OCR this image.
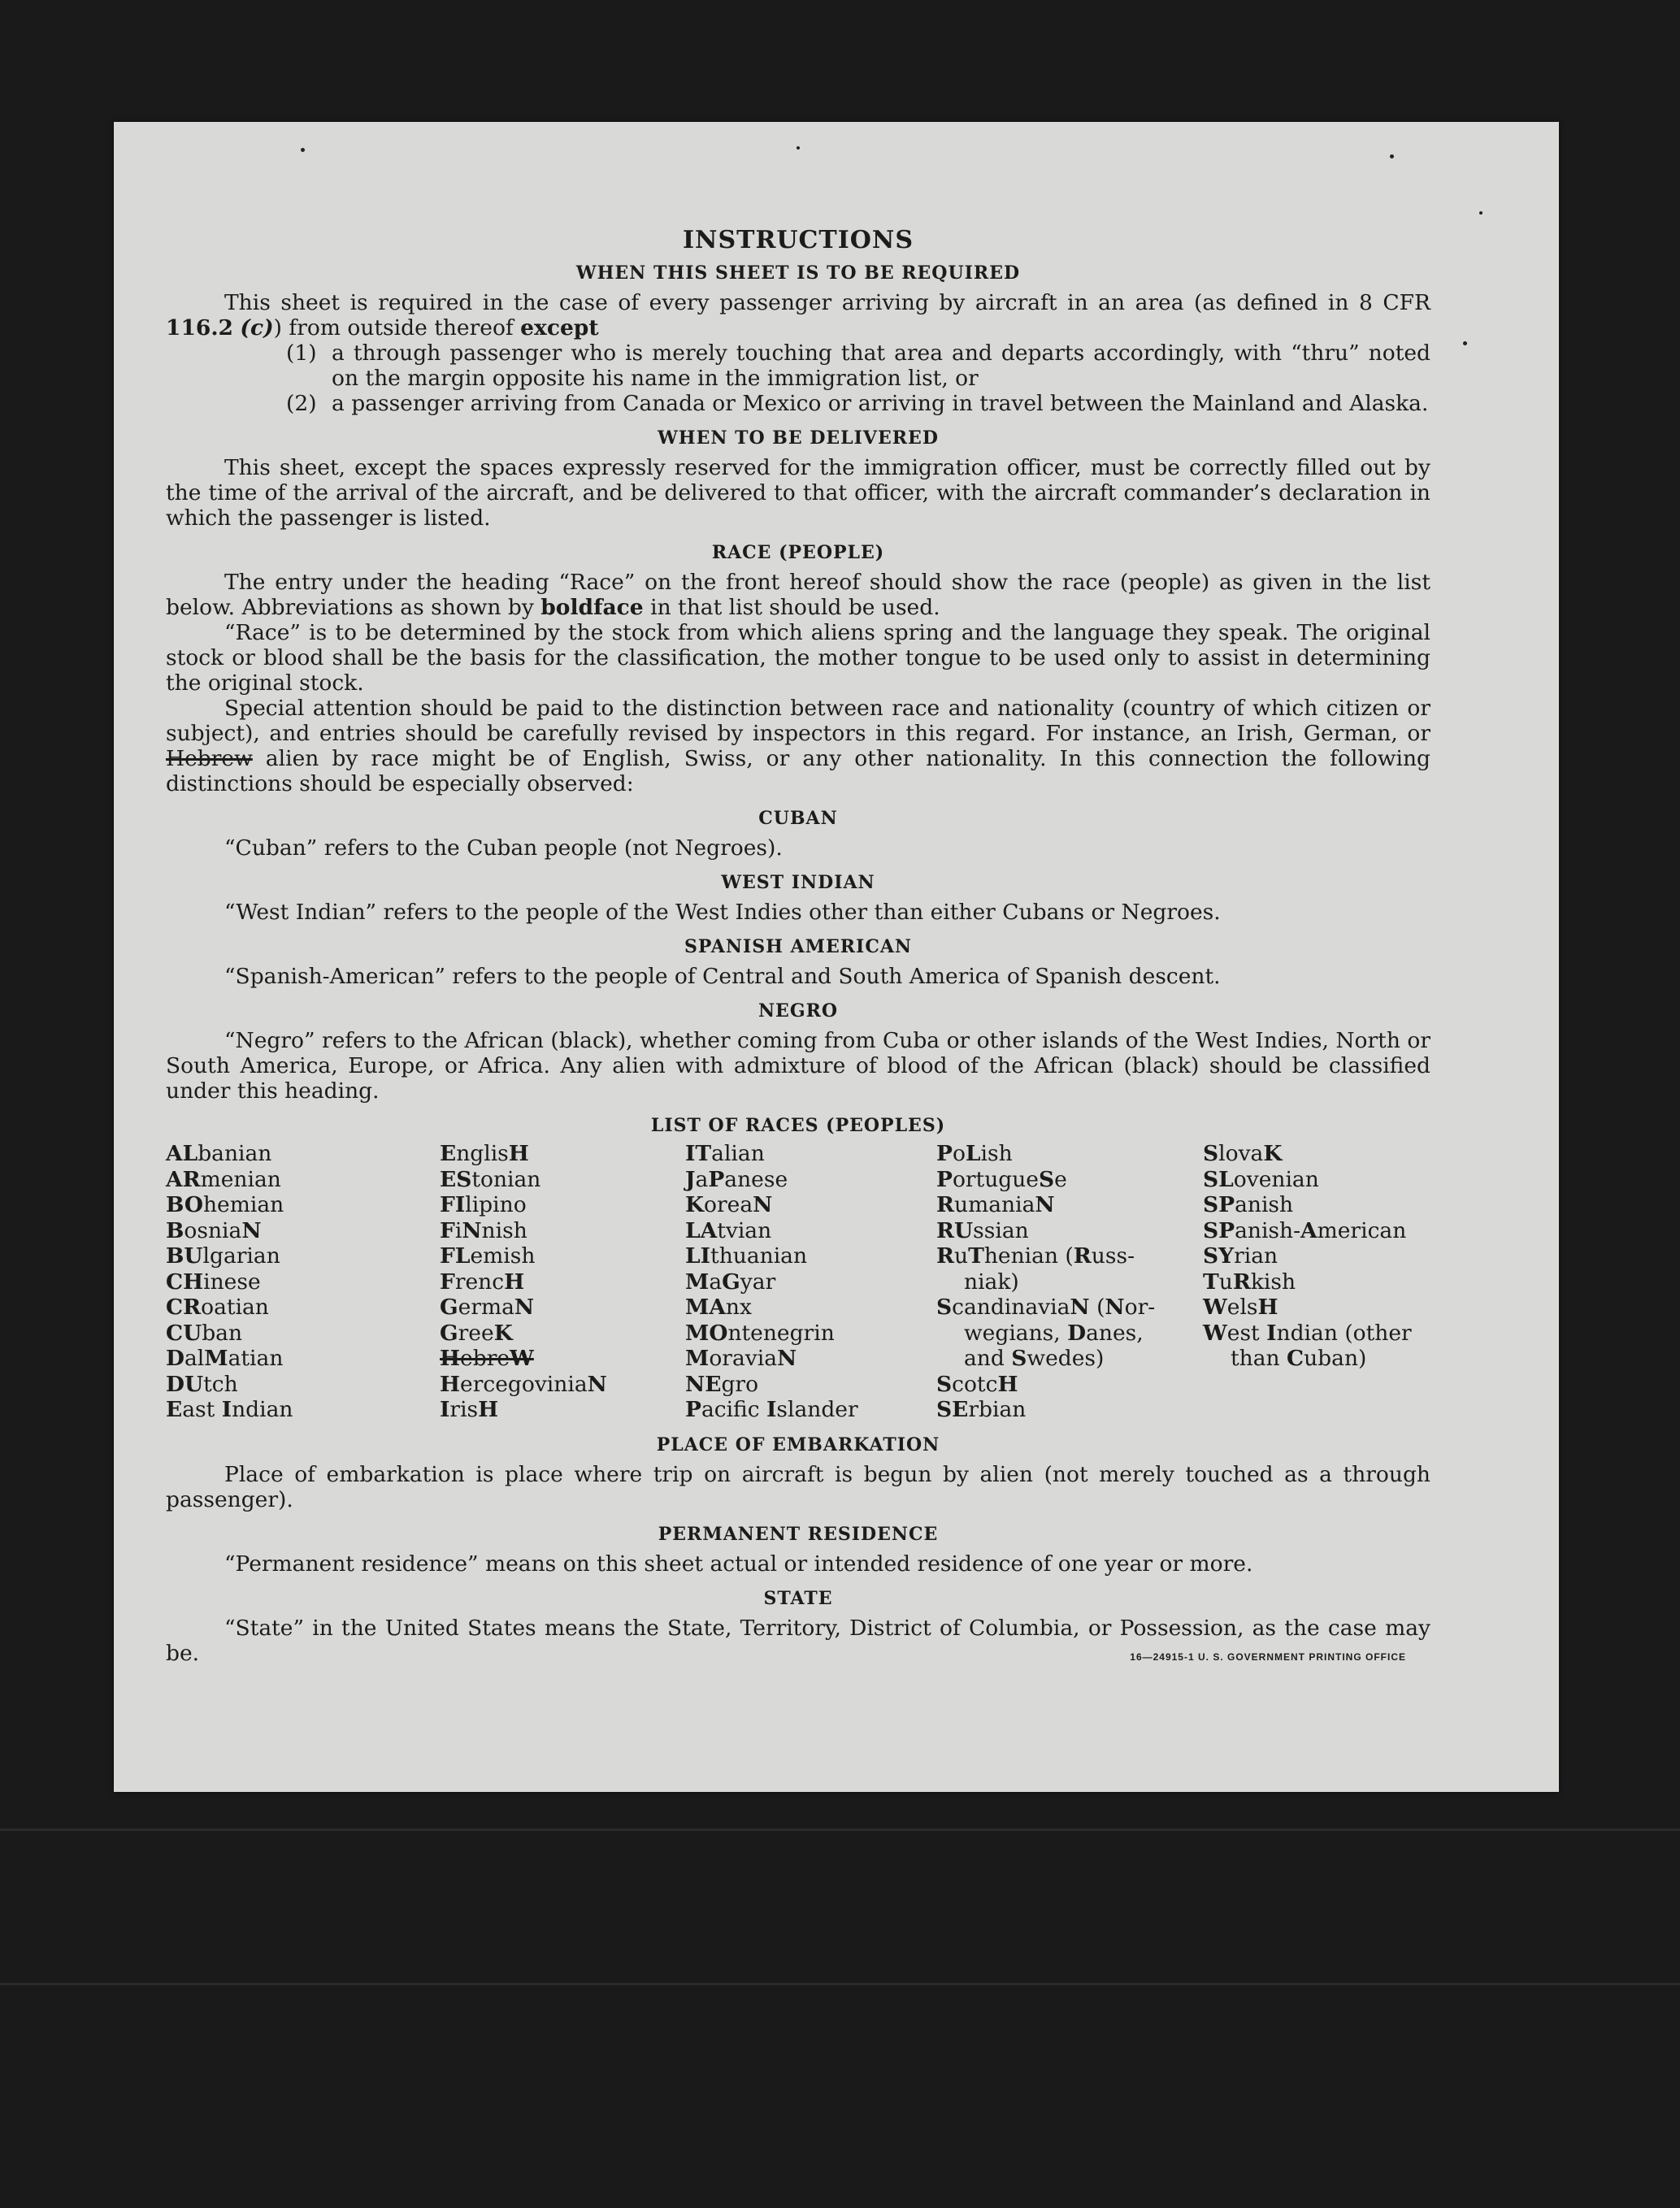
INSTRUCTIONS
WHEN THIS SHEET IS TO BE REQUIRED

This sheet is required in the case of every passenger arriving by aircraft in an area (as defined in 8 CFR 116.2 (c)) from outside thereof except

(1) a through passenger who is merely touching that area and departs accordingly, with “thru” noted on the margin opposite his name in the immigration list, or
(2) a passenger arriving from Canada or Mexico or arriving in travel between the Mainland and Alaska.
WHEN TO BE DELIVERED

This sheet, except the spaces expressly reserved for the immigration officer, must be correctly filled out by the time of the arrival of the aircraft, and be delivered to that officer, with the aircraft commander’s declaration in which the passenger is listed.

RACE (PEOPLE)

The entry under the heading “Race” on the front hereof should show the race (people) as given in the list below. Abbreviations as shown by boldface in that list should be used.

“Race” is to be determined by the stock from which aliens spring and the language they speak. The original stock or blood shall be the basis for the classification, the mother tongue to be used only to assist in determining the original stock.

Special attention should be paid to the distinction between race and nationality (country of which citizen or subject), and entries should be carefully revised by inspectors in this regard. For instance, an Irish, German, or Hebrew alien by race might be of English, Swiss, or any other nationality. In this connection the following distinctions should be especially observed:

CUBAN

“Cuban” refers to the Cuban people (not Negroes).

WEST INDIAN

“West Indian” refers to the people of the West Indies other than either Cubans or Negroes.

SPANISH AMERICAN

“Spanish-American” refers to the people of Central and South America of Spanish descent.

NEGRO

“Negro” refers to the African (black), whether coming from Cuba or other islands of the West Indies, North or South America, Europe, or Africa. Any alien with admixture of blood of the African (black) should be classified under this heading.

LIST OF RACES (PEOPLES)
ALbanian
ARmenian
BOhemian
BosniaN
BUlgarian
CHinese
CRoatian
CUban
DalMatian
DUtch
East Indian
EnglisH
EStonian
FIlipino
FiNnish
FLemish
FrencH
GermaN
GreeK
HebreW
HercegoviniaN
IrisH
ITalian
JaPanese
KoreaN
LAtvian
LIthuanian
MaGyar
MAnx
MOntenegrin
MoraviaN
NEgro
Pacific Islander
PoLish
PortugueSe
RumaniaN
RUssian
RuThenian (Russ-
niak)
ScandinaviaN (Nor-
wegians, Danes,
and Swedes)
ScotcH
SErbian
SlovaK
SLovenian
SPanish
SPanish-American
SYrian
TuRkish
WelsH
West Indian (other
than Cuban)
PLACE OF EMBARKATION

Place of embarkation is place where trip on aircraft is begun by alien (not merely touched as a through passenger).

PERMANENT RESIDENCE

“Permanent residence” means on this sheet actual or intended residence of one year or more.

STATE

“State” in the United States means the State, Territory, District of Columbia, or Possession, as the case may be.	16—24915-1 U. S. GOVERNMENT PRINTING OFFICE
